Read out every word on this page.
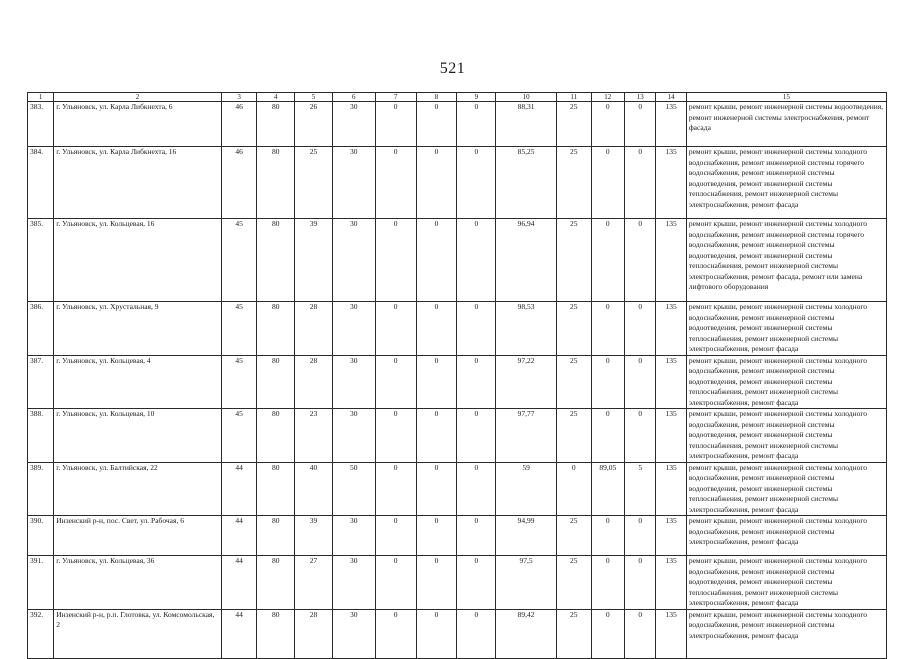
521
1	2	3	4	5	6	7	8	9	10	11	12	13	14	15
383.	г. Ульяновск, ул. Карла Либкнехта, 6	46	80	26	30	0	0	0	88,31	25	0	0	135	ремонт крыши, ремонт инженерной системы водоотведения, ремонт инженерной системы электроснабжения, ремонт фасада
384.	г. Ульяновск, ул. Карла Либкнехта, 16	46	80	25	30	0	0	0	85,25	25	0	0	135	ремонт крыши, ремонт инженерной системы холодного водоснабжения, ремонт инженерной системы горячего водоснабжения, ремонт инженерной системы водоотведения, ремонт инженерной системы теплоснабжения, ремонт инженерной системы электроснабжения, ремонт фасада
385.	г. Ульяновск, ул. Кольцевая, 16	45	80	39	30	0	0	0	96,94	25	0	0	135	ремонт крыши, ремонт инженерной системы холодного водоснабжения, ремонт инженерной системы горячего водоснабжения, ремонт инженерной системы водоотведения, ремонт инженерной системы теплоснабжения, ремонт инженерной системы электроснабжения, ремонт фасада, ремонт или замена лифтового оборудования
386.	г. Ульяновск, ул. Хрустальная, 9	45	80	28	30	0	0	0	98,53	25	0	0	135	ремонт крыши, ремонт инженерной системы холодного водоснабжения, ремонт инженерной системы водоотведения, ремонт инженерной системы теплоснабжения, ремонт инженерной системы электроснабжения, ремонт фасада
387.	г. Ульяновск, ул. Кольцевая, 4	45	80	28	30	0	0	0	97,22	25	0	0	135	ремонт крыши, ремонт инженерной системы холодного водоснабжения, ремонт инженерной системы водоотведения, ремонт инженерной системы теплоснабжения, ремонт инженерной системы электроснабжения, ремонт фасада
388.	г. Ульяновск, ул. Кольцевая, 10	45	80	23	30	0	0	0	97,77	25	0	0	135	ремонт крыши, ремонт инженерной системы холодного водоснабжения, ремонт инженерной системы водоотведения, ремонт инженерной системы теплоснабжения, ремонт инженерной системы электроснабжения, ремонт фасада
389.	г. Ульяновск, ул. Балтийская, 22	44	80	40	50	0	0	0	59	0	89,05	5	135	ремонт крыши, ремонт инженерной системы холодного водоснабжения, ремонт инженерной системы водоотведения, ремонт инженерной системы теплоснабжения, ремонт инженерной системы электроснабжения, ремонт фасада
390.	Инзенский р-н, пос. Свет, ул. Рабочая, 6	44	80	39	30	0	0	0	94,99	25	0	0	135	ремонт крыши, ремонт инженерной системы холодного водоснабжения, ремонт инженерной системы электроснабжения, ремонт фасада
391.	г. Ульяновск, ул. Кольцевая, 36	44	80	27	30	0	0	0	97,5	25	0	0	135	ремонт крыши, ремонт инженерной системы холодного водоснабжения, ремонт инженерной системы водоотведения, ремонт инженерной системы теплоснабжения, ремонт инженерной системы электроснабжения, ремонт фасада
392.	Инзенский р-н, р.п. Глотовка, ул. Комсомольская, 2	44	80	28	30	0	0	0	89,42	25	0	0	135	ремонт крыши, ремонт инженерной системы холодного водоснабжения, ремонт инженерной системы электроснабжения, ремонт фасада
